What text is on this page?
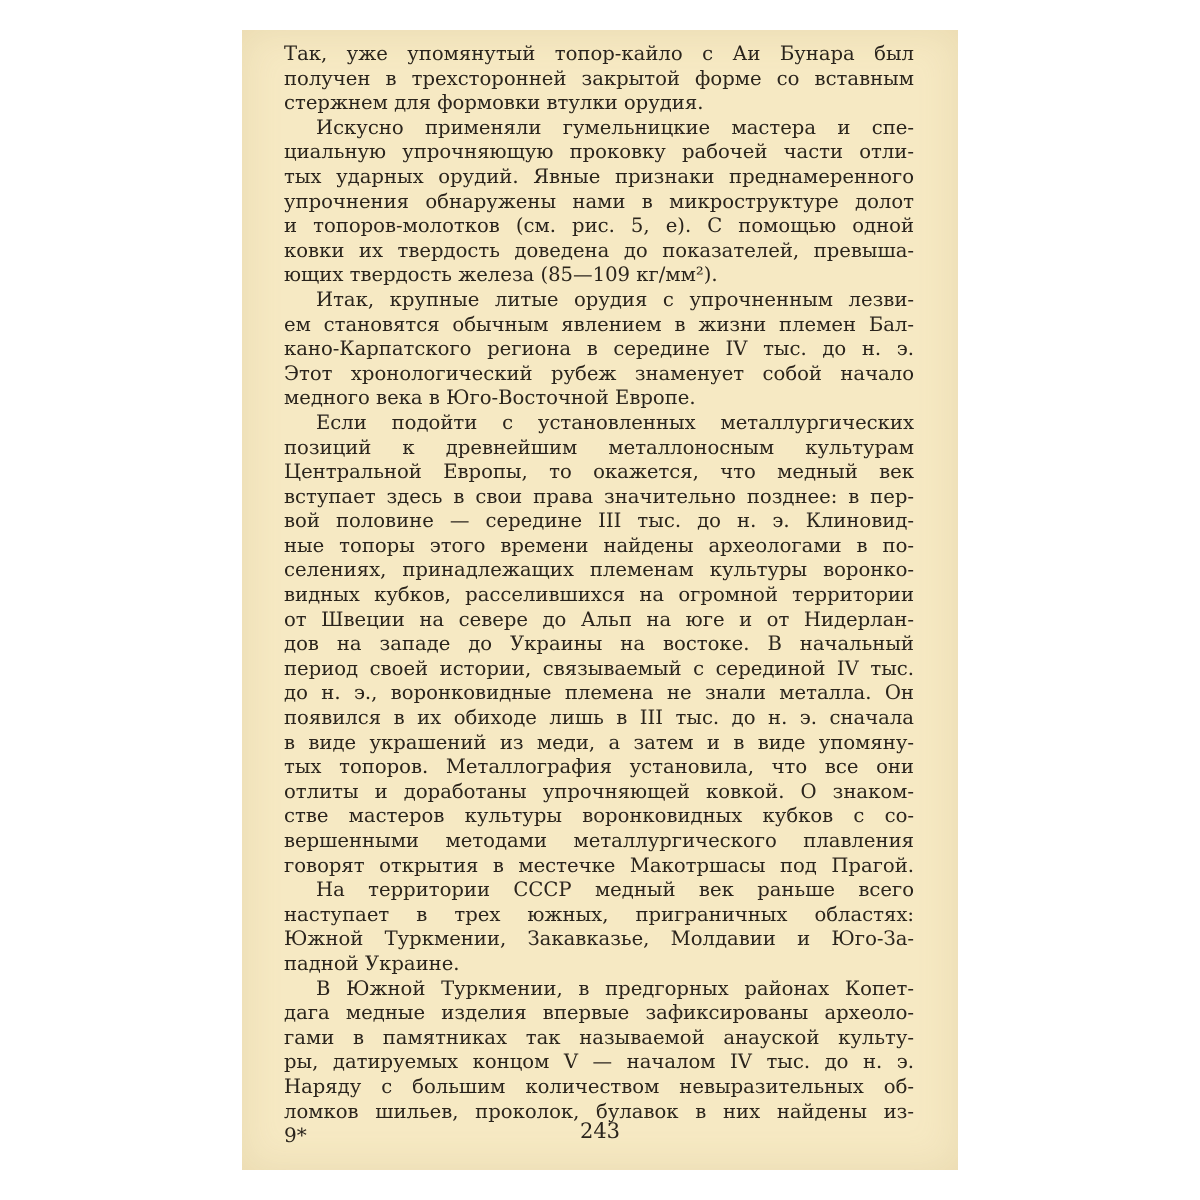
Так, уже упомянутый топор-кайло с Аи Бунара был
получен в трехсторонней закрытой форме со вставным
стержнем для формовки втулки орудия.
Искусно применяли гумельницкие мастера и спе-
циальную упрочняющую проковку рабочей части отли-
тых ударных орудий. Явные признаки преднамеренного
упрочнения обнаружены нами в микроструктуре долот
и топоров-молотков (см. рис. 5, е). С помощью одной
ковки их твердость доведена до показателей, превыша-
ющих твердость железа (85—109 кг/мм²).
Итак, крупные литые орудия с упрочненным лезви-
ем становятся обычным явлением в жизни племен Бал-
кано-Карпатского региона в середине IV тыс. до н. э.
Этот хронологический рубеж знаменует собой начало
медного века в Юго-Восточной Европе.
Если подойти с установленных металлургических
позиций к древнейшим металлоносным культурам
Центральной Европы, то окажется, что медный век
вступает здесь в свои права значительно позднее: в пер-
вой половине — середине III тыс. до н. э. Клиновид-
ные топоры этого времени найдены археологами в по-
селениях, принадлежащих племенам культуры воронко-
видных кубков, расселившихся на огромной территории
от Швеции на севере до Альп на юге и от Нидерлан-
дов на западе до Украины на востоке. В начальный
период своей истории, связываемый с серединой IV тыс.
до н. э., воронковидные племена не знали металла. Он
появился в их обиходе лишь в III тыс. до н. э. сначала
в виде украшений из меди, а затем и в виде упомяну-
тых топоров. Металлография установила, что все они
отлиты и доработаны упрочняющей ковкой. О знаком-
стве мастеров культуры воронковидных кубков с со-
вершенными методами металлургического плавления
говорят открытия в местечке Макотршасы под Прагой.
На территории СССР медный век раньше всего
наступает в трех южных, приграничных областях:
Южной Туркмении, Закавказье, Молдавии и Юго-За-
падной Украине.
В Южной Туркмении, в предгорных районах Копет-
дага медные изделия впервые зафиксированы археоло-
гами в памятниках так называемой анауской культу-
ры, датируемых концом V — началом IV тыс. до н. э.
Наряду с большим количеством невыразительных об-
ломков шильев, проколок, булавок в них найдены из-
9*	243
